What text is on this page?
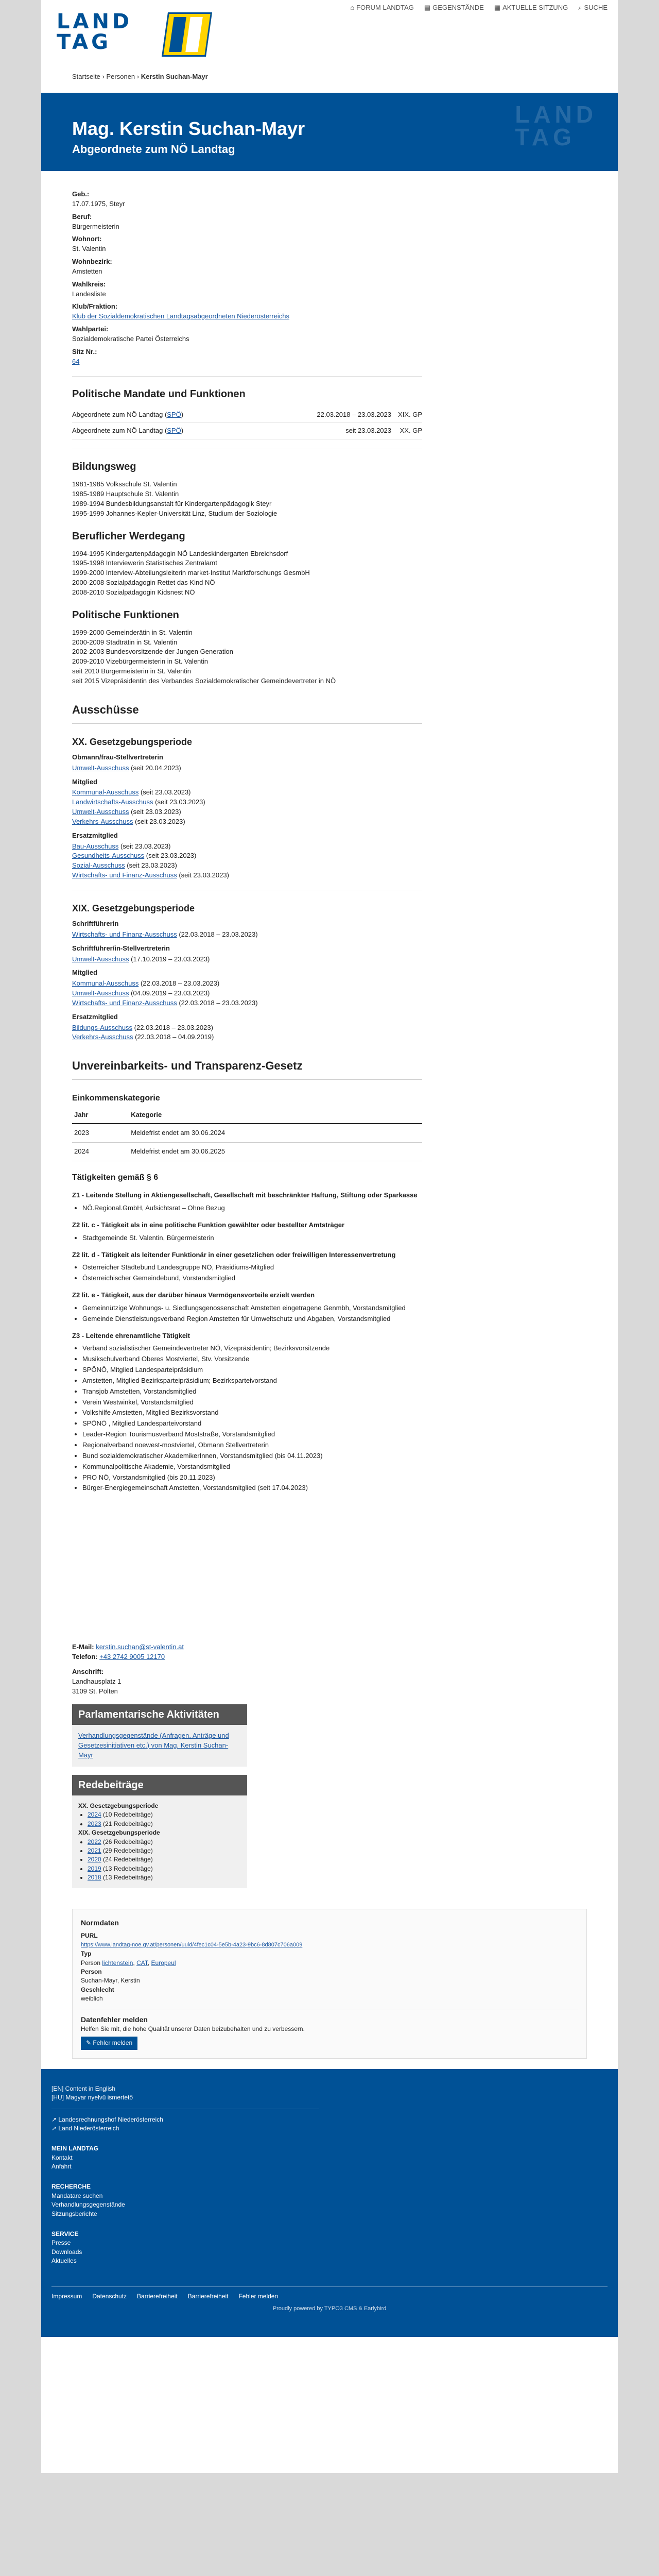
LAND
TAG
⌂ FORUM LANDTAG ▤ GEGENSTÄNDE ▦ AKTUELLE SITZUNG ⌕ SUCHE
Startseite › Personen › Kerstin Suchan-Mayr
Mag. Kerstin Suchan-Mayr
Abgeordnete zum NÖ Landtag
LAND
TAG
Geb.:
17.07.1975, Steyr
Beruf:
Bürgermeisterin
Wohnort:
St. Valentin
Wohnbezirk:
Amstetten
Wahlkreis:
Landesliste
Klub/Fraktion:
Klub der Sozialdemokratischen Landtagsabgeordneten Niederösterreichs
Wahlpartei:
Sozialdemokratische Partei Österreichs
Sitz Nr.:
64
Politische Mandate und Funktionen
Abgeordnete zum NÖ Landtag (SPÖ)	22.03.2018 – 23.03.2023	XIX. GP
Abgeordnete zum NÖ Landtag (SPÖ)	seit 23.03.2023	XX. GP
Bildungsweg
1981-1985 Volksschule St. Valentin
1985-1989 Hauptschule St. Valentin
1989-1994 Bundesbildungsanstalt für Kindergartenpädagogik Steyr
1995-1999 Johannes-Kepler-Universität Linz, Studium der Soziologie
Beruflicher Werdegang
1994-1995 Kindergartenpädagogin NÖ Landeskindergarten Ebreichsdorf
1995-1998 Interviewerin Statistisches Zentralamt
1999-2000 Interview-Abteilungsleiterin market-Institut Marktforschungs GesmbH
2000-2008 Sozialpädagogin Rettet das Kind NÖ
2008-2010 Sozialpädagogin Kidsnest NÖ
Politische Funktionen
1999-2000 Gemeinderätin in St. Valentin
2000-2009 Stadträtin in St. Valentin
2002-2003 Bundesvorsitzende der Jungen Generation
2009-2010 Vizebürgermeisterin in St. Valentin
seit 2010 Bürgermeisterin in St. Valentin
seit 2015 Vizepräsidentin des Verbandes Sozialdemokratischer Gemeindevertreter in NÖ
Ausschüsse
XX. Gesetzgebungsperiode
Obmann/frau-Stellvertreterin
Umwelt-Ausschuss (seit 20.04.2023)
Mitglied
Kommunal-Ausschuss (seit 23.03.2023)
Landwirtschafts-Ausschuss (seit 23.03.2023)
Umwelt-Ausschuss (seit 23.03.2023)
Verkehrs-Ausschuss (seit 23.03.2023)
Ersatzmitglied
Bau-Ausschuss (seit 23.03.2023)
Gesundheits-Ausschuss (seit 23.03.2023)
Sozial-Ausschuss (seit 23.03.2023)
Wirtschafts- und Finanz-Ausschuss (seit 23.03.2023)
XIX. Gesetzgebungsperiode
Schriftführerin
Wirtschafts- und Finanz-Ausschuss (22.03.2018 – 23.03.2023)
Schriftführer/in-Stellvertreterin
Umwelt-Ausschuss (17.10.2019 – 23.03.2023)
Mitglied
Kommunal-Ausschuss (22.03.2018 – 23.03.2023)
Umwelt-Ausschuss (04.09.2019 – 23.03.2023)
Wirtschafts- und Finanz-Ausschuss (22.03.2018 – 23.03.2023)
Ersatzmitglied
Bildungs-Ausschuss (22.03.2018 – 23.03.2023)
Verkehrs-Ausschuss (22.03.2018 – 04.09.2019)
Unvereinbarkeits- und Transparenz-Gesetz
Einkommenskategorie
Jahr	Kategorie
2023	Meldefrist endet am 30.06.2024
2024	Meldefrist endet am 30.06.2025
Tätigkeiten gemäß § 6
Z1 - Leitende Stellung in Aktiengesellschaft, Gesellschaft mit beschränkter Haftung, Stiftung oder Sparkasse
• NÖ.Regional.GmbH, Aufsichtsrat – Ohne Bezug
Z2 lit. c - Tätigkeit als in eine politische Funktion gewählter oder bestellter Amtsträger
• Stadtgemeinde St. Valentin, Bürgermeisterin
Z2 lit. d - Tätigkeit als leitender Funktionär in einer gesetzlichen oder freiwilligen Interessenvertretung
• Österreicher Städtebund Landesgruppe NÖ, Präsidiums-Mitglied
• Österreichischer Gemeindebund, Vorstandsmitglied
Z2 lit. e - Tätigkeit, aus der darüber hinaus Vermögensvorteile erzielt werden
• Gemeinnützige Wohnungs- u. Siedlungsgenossenschaft Amstetten eingetragene Genmbh, Vorstandsmitglied
• Gemeinde Dienstleistungsverband Region Amstetten für Umweltschutz und Abgaben, Vorstandsmitglied
Z3 - Leitende ehrenamtliche Tätigkeit
• Verband sozialistischer Gemeindevertreter NÖ, Vizepräsidentin; Bezirksvorsitzende
• Musikschulverband Oberes Mostviertel, Stv. Vorsitzende
• SPÖNÖ, Mitglied Landesparteipräsidium
• Amstetten, Mitglied Bezirksparteipräsidium; Bezirksparteivorstand
• Transjob Amstetten, Vorstandsmitglied
• Verein Westwinkel, Vorstandsmitglied
• Volkshilfe Amstetten, Mitglied Bezirksvorstand
• SPÖNÖ , Mitglied Landesparteivorstand
• Leader-Region Tourismusverband Moststraße, Vorstandsmitglied
• Regionalverband noewest-mostviertel, Obmann Stellvertreterin
• Bund sozialdemokratischer AkademikerInnen, Vorstandsmitglied (bis 04.11.2023)
• Kommunalpolitische Akademie, Vorstandsmitglied
• PRO NÖ, Vorstandsmitglied (bis 20.11.2023)
• Bürger-Energiegemeinschaft Amstetten, Vorstandsmitglied (seit 17.04.2023)
E-Mail: kerstin.suchan@st-valentin.at
Telefon: +43 2742 9005 12170
Anschrift:
Landhausplatz 1
3109 St. Pölten
Parlamentarische Aktivitäten
Verhandlungsgegenstände (Anfragen, Anträge und Gesetzesinitiativen etc.) von Mag. Kerstin Suchan-Mayr
Redebeiträge
XX. Gesetzgebungsperiode
• 2024 (10 Redebeiträge)
• 2023 (21 Redebeiträge)
XIX. Gesetzgebungsperiode
• 2022 (26 Redebeiträge)
• 2021 (29 Redebeiträge)
• 2020 (24 Redebeiträge)
• 2019 (13 Redebeiträge)
• 2018 (13 Redebeiträge)
Normdaten
PURL
https://www.landtag-noe.gv.at/personen/uuid/4fec1c04-5e5b-4a23-9bc6-8d807c706a009
Typ
Person lichtenstein, CAT, Europeul
Person
Suchan-Mayr, Kerstin
Geschlecht
weiblich
Datenfehler melden
Helfen Sie mit, die hohe Qualität unserer Daten beizubehalten und zu verbessern.
✎ Fehler melden
[EN] Content in English
[HU] Magyar nyelvű ismertető
↗ Landesrechnungshof Niederösterreich
↗ Land Niederösterreich
MEIN LANDTAG
Kontakt
Anfahrt
RECHERCHE
Mandatare suchen
Verhandlungsgegenstände
Sitzungsberichte
SERVICE
Presse
Downloads
Aktuelles
Impressum Datenschutz Barrierefreiheit Barrierefreiheit Fehler melden
Proudly powered by TYPO3 CMS & Earlybird
